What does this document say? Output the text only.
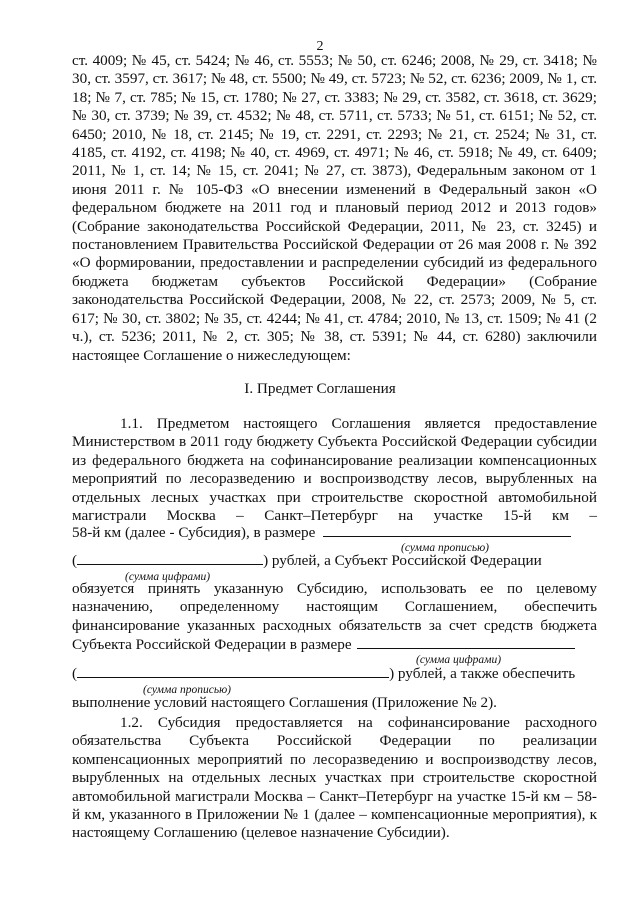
2
ст. 4009; № 45, ст. 5424; № 46, ст. 5553; № 50, ст. 6246; 2008, № 29, ст. 3418; № 30, ст. 3597, ст. 3617; № 48, ст. 5500; № 49, ст. 5723; № 52, ст. 6236; 2009, № 1, ст. 18; № 7, ст. 785; № 15, ст. 1780; № 27, ст. 3383; № 29, ст. 3582, ст. 3618, ст. 3629; № 30, ст. 3739; № 39, ст. 4532; № 48, ст. 5711, ст. 5733; № 51, ст. 6151; № 52, ст. 6450; 2010, № 18, ст. 2145; № 19, ст. 2291, ст. 2293; № 21, ст. 2524; № 31, ст. 4185, ст. 4192, ст. 4198; № 40, ст. 4969, ст. 4971; № 46, ст. 5918; № 49, ст. 6409; 2011, № 1, ст. 14; № 15, ст. 2041; № 27, ст. 3873), Федеральным законом от 1 июня 2011 г. № 105-ФЗ «О внесении изменений в Федеральный закон «О федеральном бюджете на 2011 год и плановый период 2012 и 2013 годов» (Собрание законодательства Российской Федерации, 2011, № 23, ст. 3245) и постановлением Правительства Российской Федерации от 26 мая 2008 г. № 392 «О формировании, предоставлении и распределении субсидий из федерального бюджета бюджетам субъектов Российской Федерации» (Собрание законодательства Российской Федерации, 2008, № 22, ст. 2573; 2009, № 5, ст. 617; № 30, ст. 3802; № 35, ст. 4244; № 41, ст. 4784; 2010, № 13, ст. 1509; № 41 (2 ч.), ст. 5236; 2011, № 2, ст. 305; № 38, ст. 5391; № 44, ст. 6280) заключили настоящее Соглашение о нижеследующем:
I. Предмет Соглашения
1.1. Предметом настоящего Соглашения является предоставление Министерством в 2011 году бюджету Субъекта Российской Федерации субсидии из федерального бюджета на софинансирование реализации компенсационных мероприятий по лесоразведению и воспроизводству лесов, вырубленных на отдельных лесных участках при строительстве скоростной автомобильной магистрали Москва – Санкт–Петербург на участке 15-й км –
58-й км (далее - Субсидия), в размере
(сумма прописью)
(	) рублей, а Субъект Российской Федерации
(сумма цифрами)
обязуется принять указанную Субсидию, использовать ее по целевому назначению, определенному настоящим Соглашением, обеспечить финансирование указанных расходных обязательств за счет средств бюджета
Субъекта Российской Федерации в размере
(сумма цифрами)
(	) рублей, а также обеспечить
(сумма прописью)
выполнение условий настоящего Соглашения (Приложение № 2).
1.2. Субсидия предоставляется на софинансирование расходного обязательства Субъекта Российской Федерации по реализации компенсационных мероприятий по лесоразведению и воспроизводству лесов, вырубленных на отдельных лесных участках при строительстве скоростной автомобильной магистрали Москва – Санкт–Петербург на участке 15-й км – 58-й км, указанного в Приложении № 1 (далее – компенсационные мероприятия), к настоящему Соглашению (целевое назначение Субсидии).
